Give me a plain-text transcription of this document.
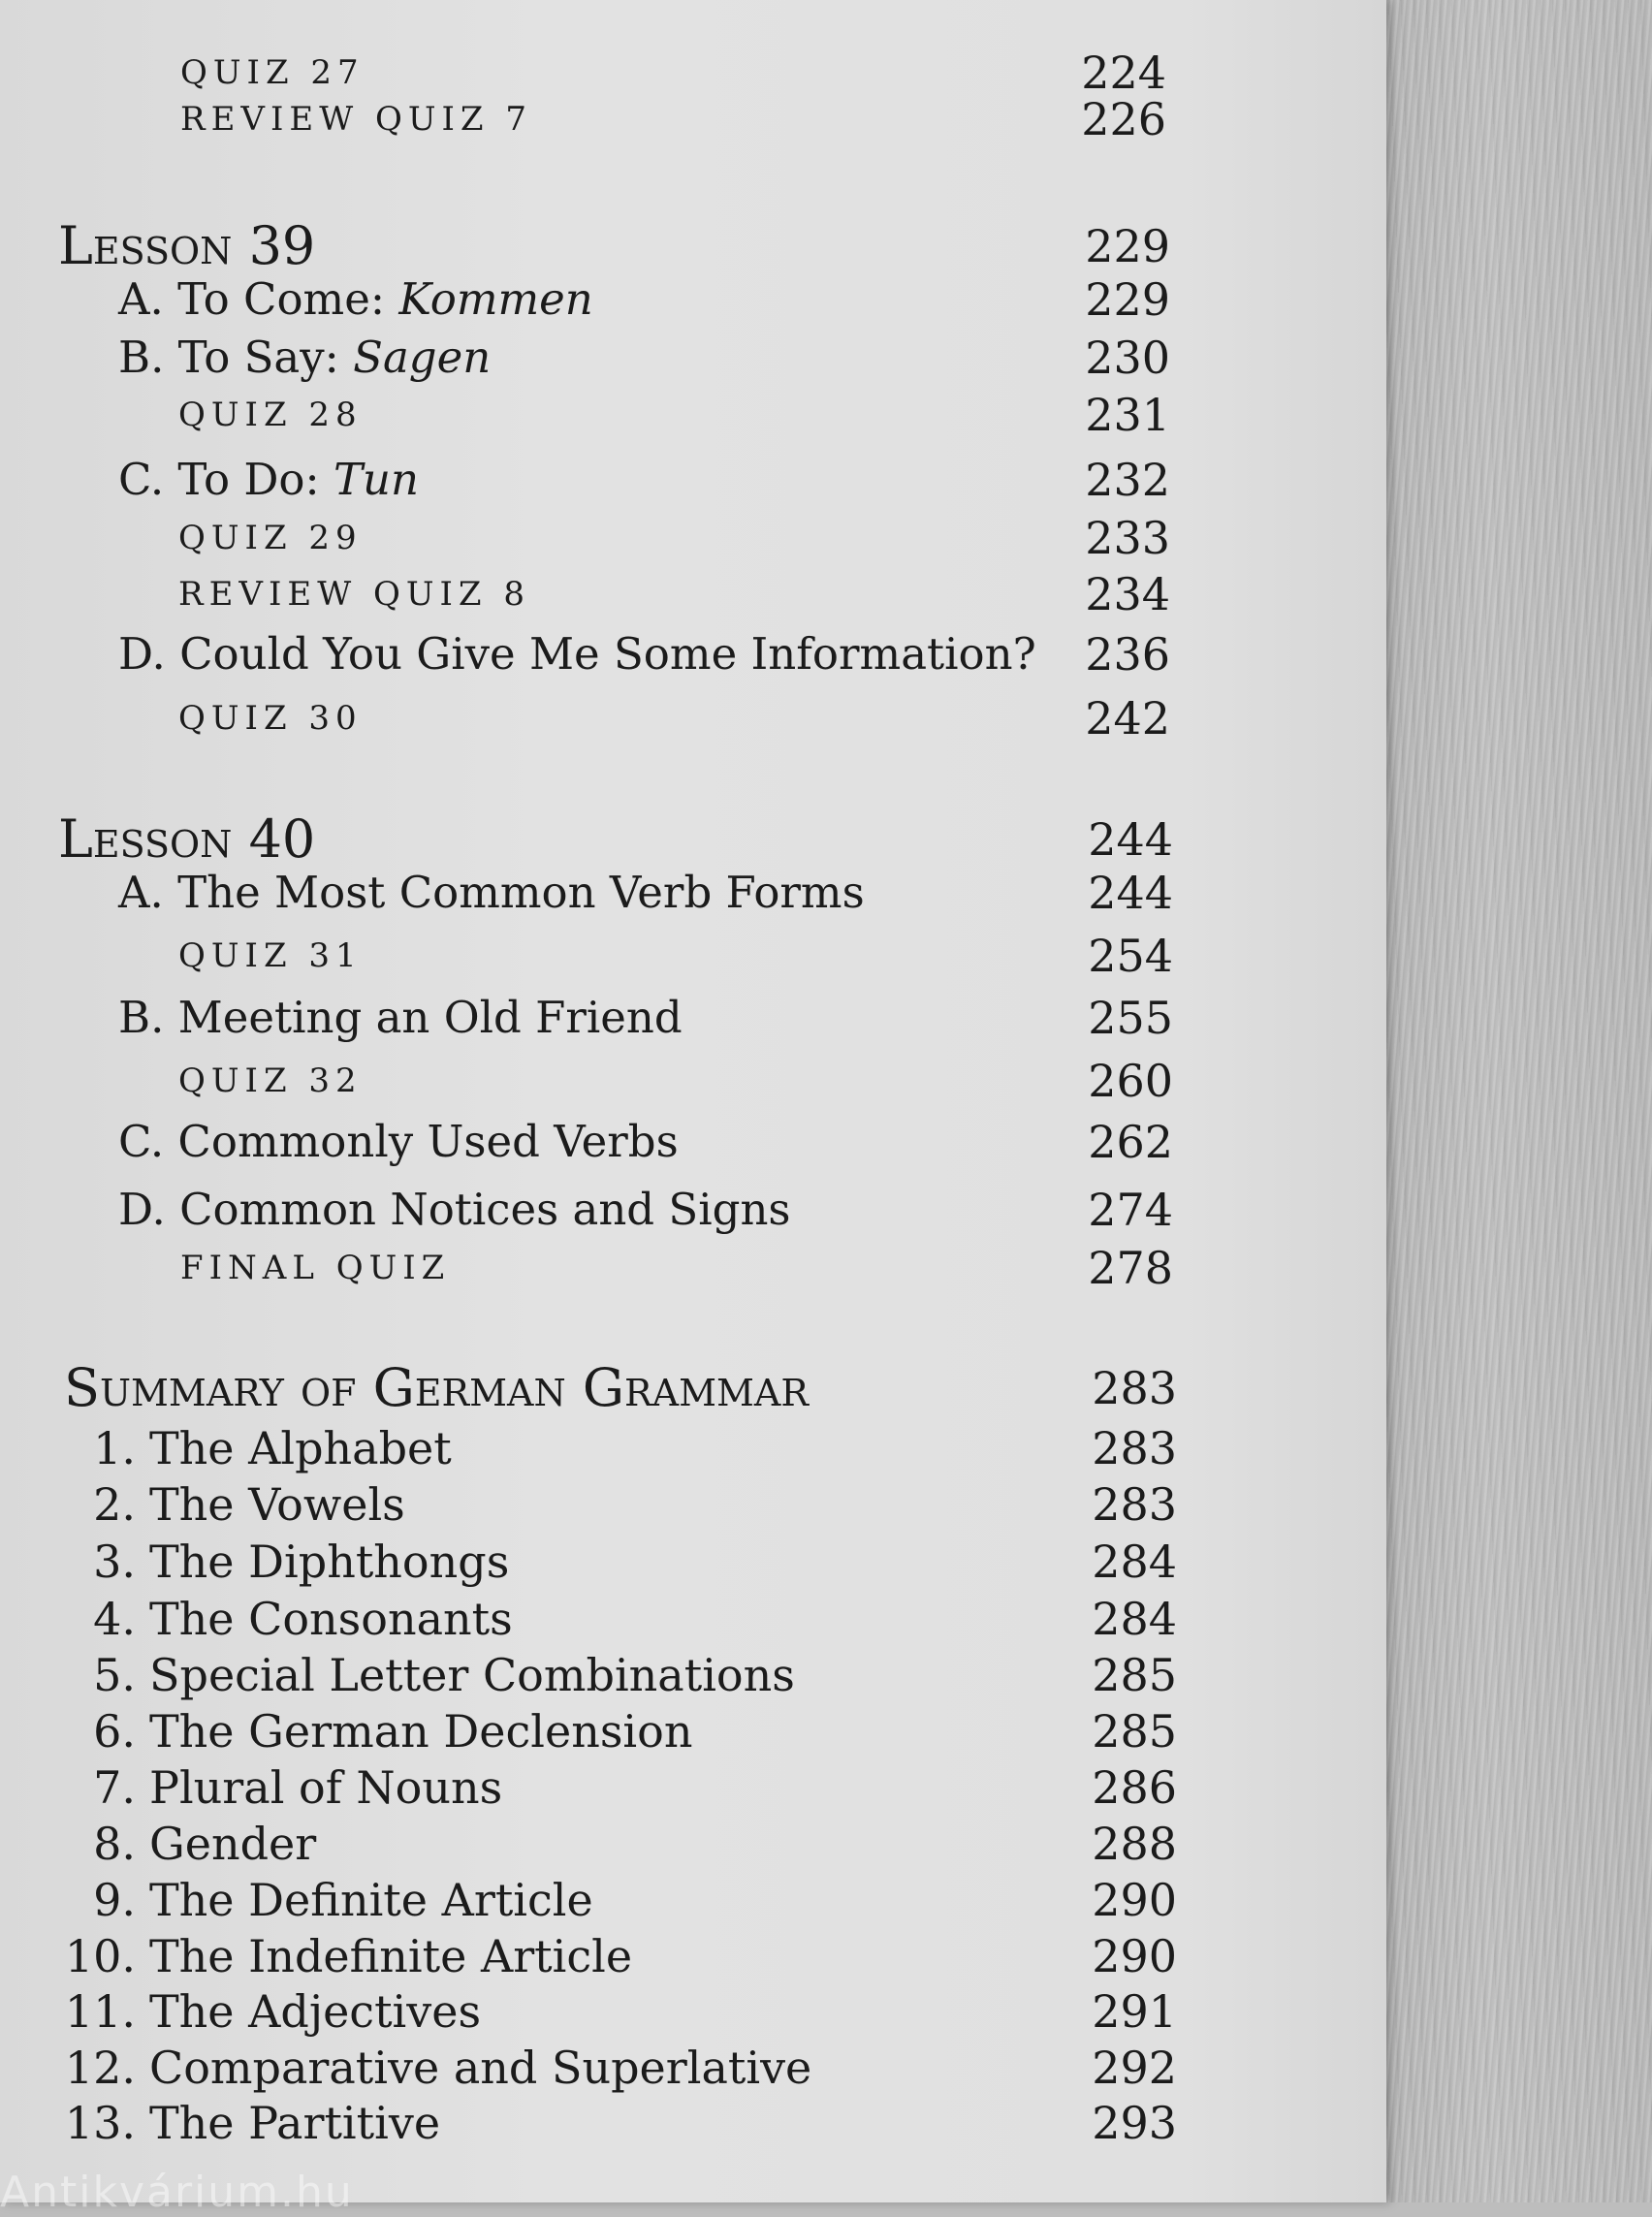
QUIZ 27	224
REVIEW QUIZ 7	226
Lesson 39	229
A. To Come: Kommen	229
B. To Say: Sagen	230
QUIZ 28	231
C. To Do: Tun	232
QUIZ 29	233
REVIEW QUIZ 8	234
D. Could You Give Me Some Information?	236
QUIZ 30	242
Lesson 40	244
A. The Most Common Verb Forms	244
QUIZ 31	254
B. Meeting an Old Friend	255
QUIZ 32	260
C. Commonly Used Verbs	262
D. Common Notices and Signs	274
FINAL QUIZ	278
Summary of German Grammar	283
1. The Alphabet	283
2. The Vowels	283
3. The Diphthongs	284
4. The Consonants	284
5. Special Letter Combinations	285
6. The German Declension	285
7. Plural of Nouns	286
8. Gender	288
9. The Definite Article	290
10. The Indefinite Article	290
11. The Adjectives	291
12. Comparative and Superlative	292
13. The Partitive	293
Antikvárium.hu
